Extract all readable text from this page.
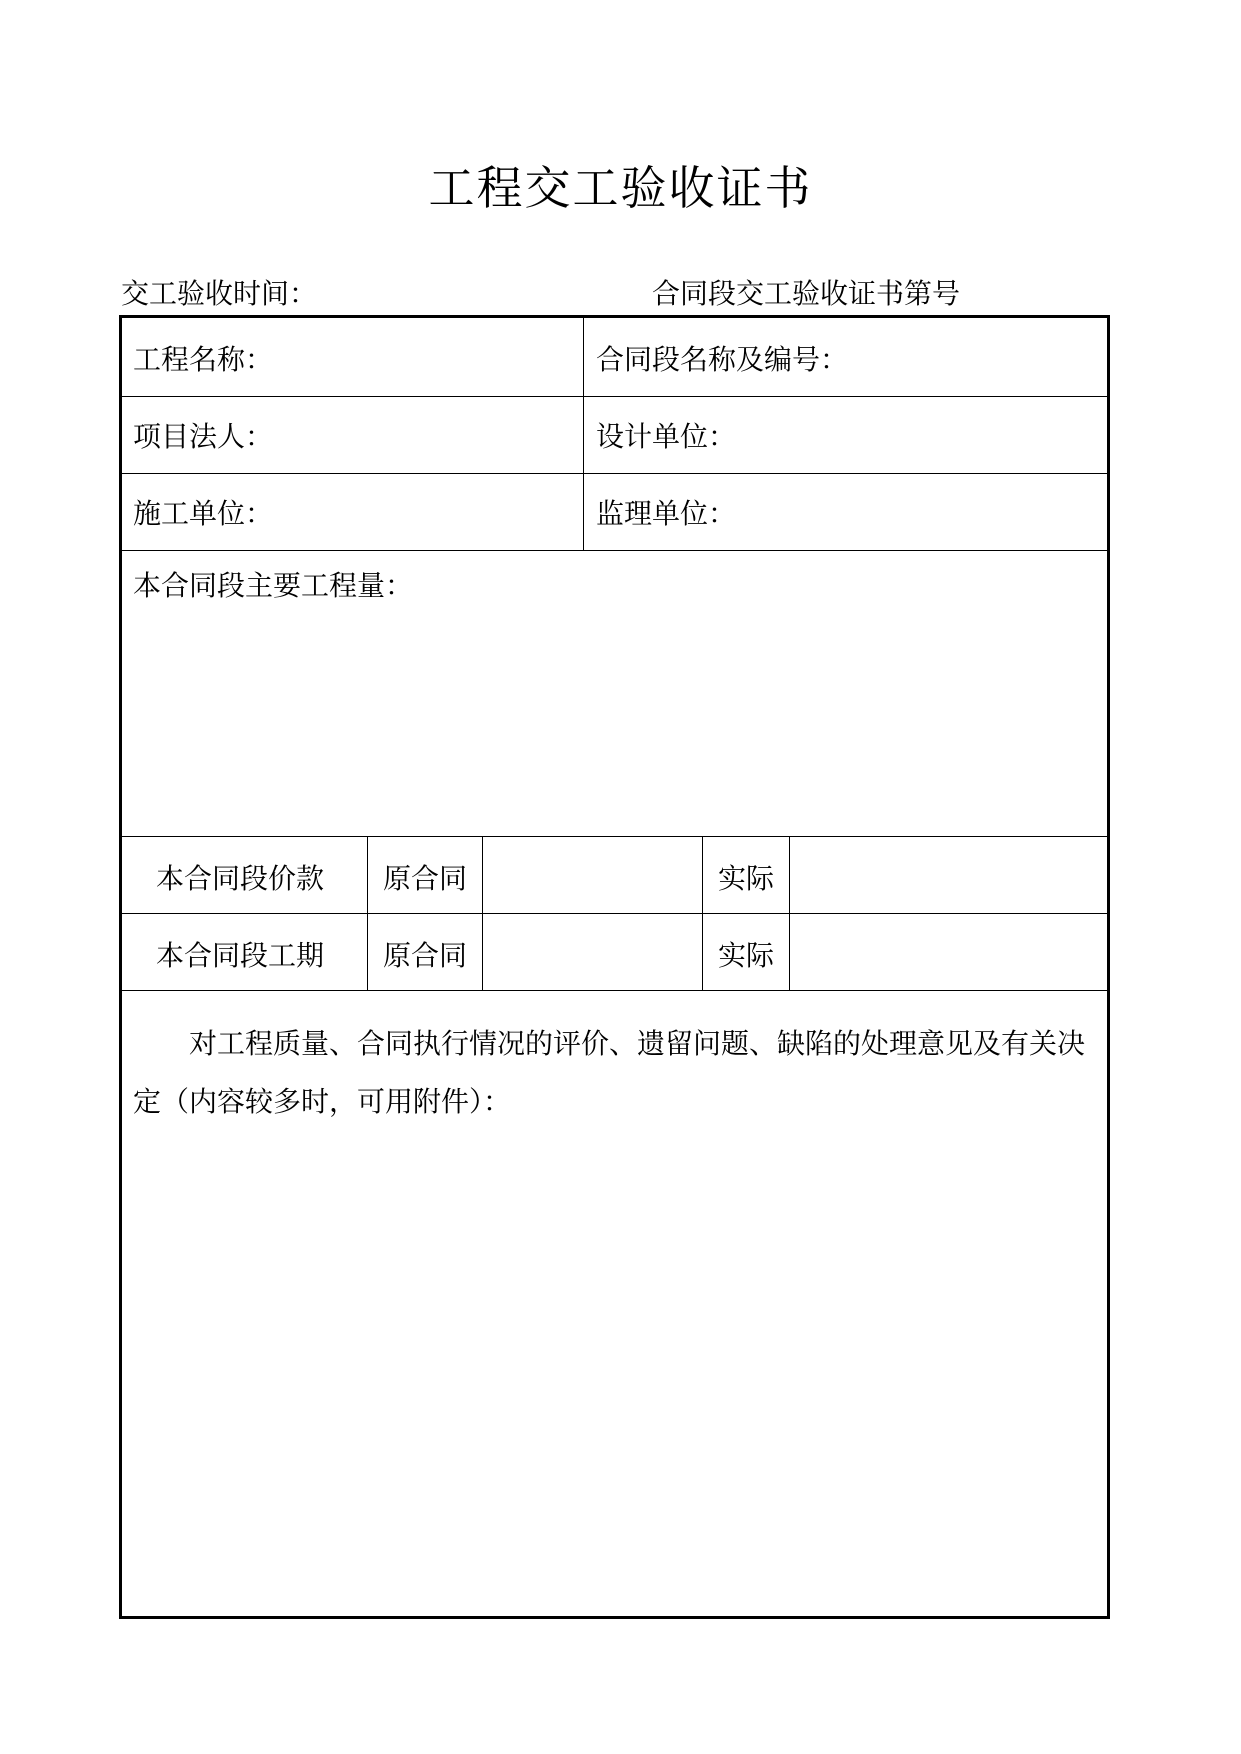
工程交工验收证书
交工验收时间：	合同段交工验收证书第号
工程名称：	合同段名称及编号：
项目法人：	设计单位：
施工单位：	监理单位：
本合同段主要工程量：
本合同段价款 原合同	实际
本合同段工期 原合同	实际
对工程质量、合同执行情况的评价、遗留问题、缺陷的处理意见及有关决定（内容较多时，可用附件）：
